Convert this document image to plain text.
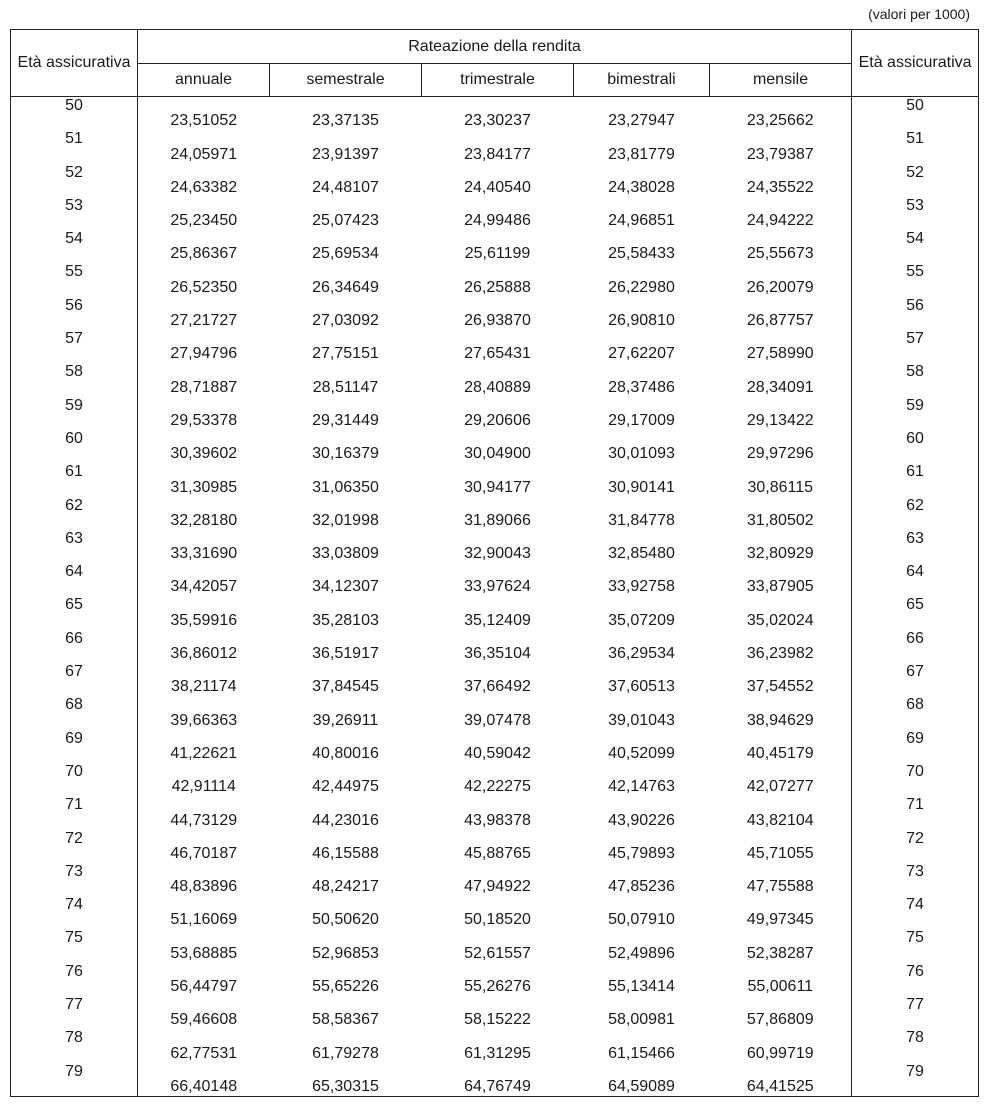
(valori per 1000)
Età assicurativa	Rateazione della rendita					Età assicurativa
	annuale	semestrale	trimestrale	bimestrali	mensile	
50	23,51052	23,37135	23,30237	23,27947	23,25662	50
51	24,05971	23,91397	23,84177	23,81779	23,79387	51
52	24,63382	24,48107	24,40540	24,38028	24,35522	52
53	25,23450	25,07423	24,99486	24,96851	24,94222	53
54	25,86367	25,69534	25,61199	25,58433	25,55673	54
55	26,52350	26,34649	26,25888	26,22980	26,20079	55
56	27,21727	27,03092	26,93870	26,90810	26,87757	56
57	27,94796	27,75151	27,65431	27,62207	27,58990	57
58	28,71887	28,51147	28,40889	28,37486	28,34091	58
59	29,53378	29,31449	29,20606	29,17009	29,13422	59
60	30,39602	30,16379	30,04900	30,01093	29,97296	60
61	31,30985	31,06350	30,94177	30,90141	30,86115	61
62	32,28180	32,01998	31,89066	31,84778	31,80502	62
63	33,31690	33,03809	32,90043	32,85480	32,80929	63
64	34,42057	34,12307	33,97624	33,92758	33,87905	64
65	35,59916	35,28103	35,12409	35,07209	35,02024	65
66	36,86012	36,51917	36,35104	36,29534	36,23982	66
67	38,21174	37,84545	37,66492	37,60513	37,54552	67
68	39,66363	39,26911	39,07478	39,01043	38,94629	68
69	41,22621	40,80016	40,59042	40,52099	40,45179	69
70	42,91114	42,44975	42,22275	42,14763	42,07277	70
71	44,73129	44,23016	43,98378	43,90226	43,82104	71
72	46,70187	46,15588	45,88765	45,79893	45,71055	72
73	48,83896	48,24217	47,94922	47,85236	47,75588	73
74	51,16069	50,50620	50,18520	50,07910	49,97345	74
75	53,68885	52,96853	52,61557	52,49896	52,38287	75
76	56,44797	55,65226	55,26276	55,13414	55,00611	76
77	59,46608	58,58367	58,15222	58,00981	57,86809	77
78	62,77531	61,79278	61,31295	61,15466	60,99719	78
79	66,40148	65,30315	64,76749	64,59089	64,41525	79
